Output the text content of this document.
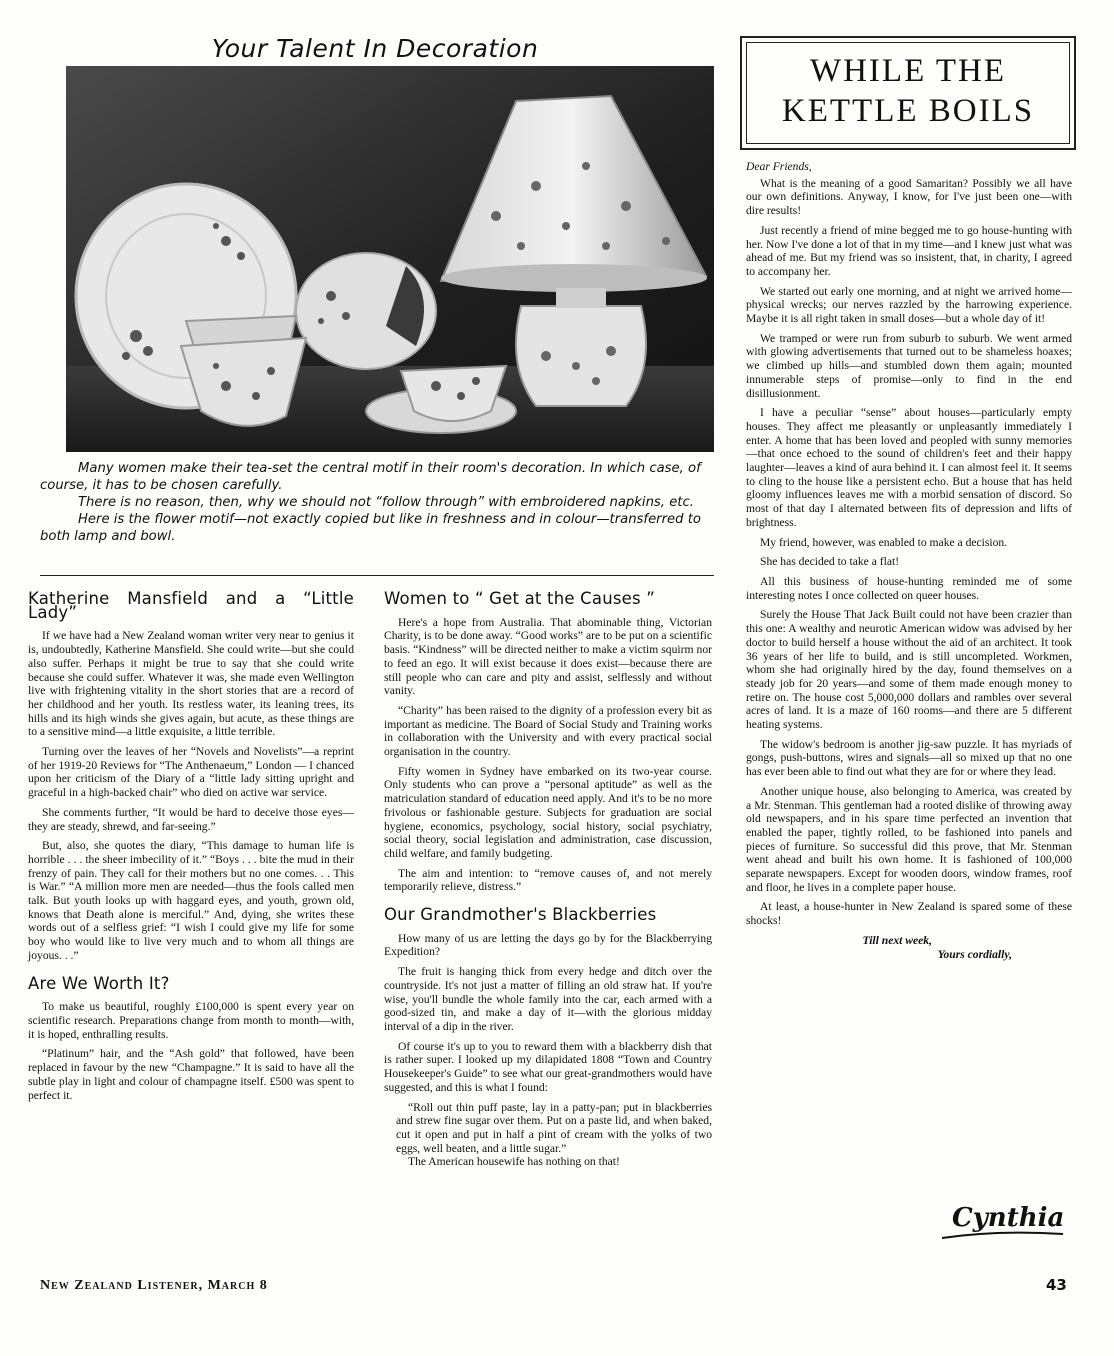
Your Talent In Decoration

Many women make their tea-set the central motif in their room's decoration. In which case, of course, it has to be chosen carefully.

There is no reason, then, why we should not “follow through” with embroidered napkins, etc.

Here is the flower motif—not exactly copied but like in freshness and in colour—transferred to both lamp and bowl.

Katherine Mansfield and a “Little Lady”

If we have had a New Zealand woman writer very near to genius it is, undoubtedly, Katherine Mansfield. She could write—but she could also suffer. Perhaps it might be true to say that she could write because she could suffer. Whatever it was, she made even Wellington live with frightening vitality in the short stories that are a record of her childhood and her youth. Its restless water, its leaning trees, its hills and its high winds she gives again, but acute, as these things are to a sensitive mind—a little exquisite, a little terrible.

Turning over the leaves of her “Novels and Novelists”—a reprint of her 1919-20 Reviews for “The Anthenaeum,” London — I chanced upon her criticism of the Diary of a “little lady sitting upright and graceful in a high-backed chair” who died on active war service.

She comments further, “It would be hard to deceive those eyes—they are steady, shrewd, and far-seeing.”

But, also, she quotes the diary, “This damage to human life is horrible . . . the sheer imbecility of it.” “Boys . . . bite the mud in their frenzy of pain. They call for their mothers but no one comes. . . This is War.” “A million more men are needed—thus the fools called men talk. But youth looks up with haggard eyes, and youth, grown old, knows that Death alone is merciful.” And, dying, she writes these words out of a selfless grief: “I wish I could give my life for some boy who would like to live very much and to whom all things are joyous. . .”

Are We Worth It?

To make us beautiful, roughly £100,000 is spent every year on scientific research. Preparations change from month to month—with, it is hoped, enthralling results.

“Platinum” hair, and the “Ash gold” that followed, have been replaced in favour by the new “Champagne.” It is said to have all the subtle play in light and colour of champagne itself. £500 was spent to perfect it.

Women to “ Get at the Causes ”

Here's a hope from Australia. That abominable thing, Victorian Charity, is to be done away. “Good works” are to be put on a scientific basis. “Kindness” will be directed neither to make a victim squirm nor to feed an ego. It will exist because it does exist—because there are still people who can care and pity and assist, selflessly and without vanity.

“Charity” has been raised to the dignity of a profession every bit as important as medicine. The Board of Social Study and Training works in collaboration with the University and with every practical social organisation in the country.

Fifty women in Sydney have embarked on its two-year course. Only students who can prove a “personal aptitude” as well as the matriculation standard of education need apply. And it's to be no more frivolous or fashionable gesture. Subjects for graduation are social hygiene, economics, psychology, social history, social psychiatry, social theory, social legislation and administration, case discussion, child welfare, and family budgeting.

The aim and intention: to “remove causes of, and not merely temporarily relieve, distress.”

Our Grandmother's Blackberries

How many of us are letting the days go by for the Blackberrying Expedition?

The fruit is hanging thick from every hedge and ditch over the countryside. It's not just a matter of filling an old straw hat. If you're wise, you'll bundle the whole family into the car, each armed with a good-sized tin, and make a day of it—with the glorious midday interval of a dip in the river.

Of course it's up to you to reward them with a blackberry dish that is rather super. I looked up my dilapidated 1808 “Town and Country Housekeeper's Guide” to see what our great-grandmothers would have suggested, and this is what I found:

“Roll out thin puff paste, lay in a patty-pan; put in blackberries and strew fine sugar over them. Put on a paste lid, and when baked, cut it open and put in half a pint of cream with the yolks of two eggs, well beaten, and a little sugar.”

The American housewife has nothing on that!

WHILE THE
KETTLE BOILS

Dear Friends,

What is the meaning of a good Samaritan? Possibly we all have our own definitions. Anyway, I know, for I've just been one—with dire results!

Just recently a friend of mine begged me to go house-hunting with her. Now I've done a lot of that in my time—and I knew just what was ahead of me. But my friend was so insistent, that, in charity, I agreed to accompany her.

We started out early one morning, and at night we arrived home—physical wrecks; our nerves razzled by the harrowing experience. Maybe it is all right taken in small doses—but a whole day of it!

We tramped or were run from suburb to suburb. We went armed with glowing advertisements that turned out to be shameless hoaxes; we climbed up hills—and stumbled down them again; mounted innumerable steps of promise—only to find in the end disillusionment.

I have a peculiar “sense” about houses—particularly empty houses. They affect me pleasantly or unpleasantly immediately I enter. A home that has been loved and peopled with sunny memories—that once echoed to the sound of children's feet and their happy laughter—leaves a kind of aura behind it. I can almost feel it. It seems to cling to the house like a persistent echo. But a house that has held gloomy influences leaves me with a morbid sensation of discord. So most of that day I alternated between fits of depression and lifts of brightness.

My friend, however, was enabled to make a decision.

She has decided to take a flat!

All this business of house-hunting reminded me of some interesting notes I once collected on queer houses.

Surely the House That Jack Built could not have been crazier than this one: A wealthy and neurotic American widow was advised by her doctor to build herself a house without the aid of an architect. It took 36 years of her life to build, and is still uncompleted. Workmen, whom she had originally hired by the day, found themselves on a steady job for 20 years—and some of them made enough money to retire on. The house cost 5,000,000 dollars and rambles over several acres of land. It is a maze of 160 rooms—and there are 5 different heating systems.

The widow's bedroom is another jig-saw puzzle. It has myriads of gongs, push-buttons, wires and signals—all so mixed up that no one has ever been able to find out what they are for or where they lead.

Another unique house, also belonging to America, was created by a Mr. Stenman. This gentleman had a rooted dislike of throwing away old newspapers, and in his spare time perfected an invention that enabled the paper, tightly rolled, to be fashioned into panels and pieces of furniture. So successful did this prove, that Mr. Stenman went ahead and built his own home. It is fashioned of 100,000 separate newspapers. Except for wooden doors, window frames, roof and floor, he lives in a complete paper house.

At least, a house-hunter in New Zealand is spared some of these shocks!

Till next week,
Yours cordially,
Cynthia
New Zealand Listener, March 8	43
